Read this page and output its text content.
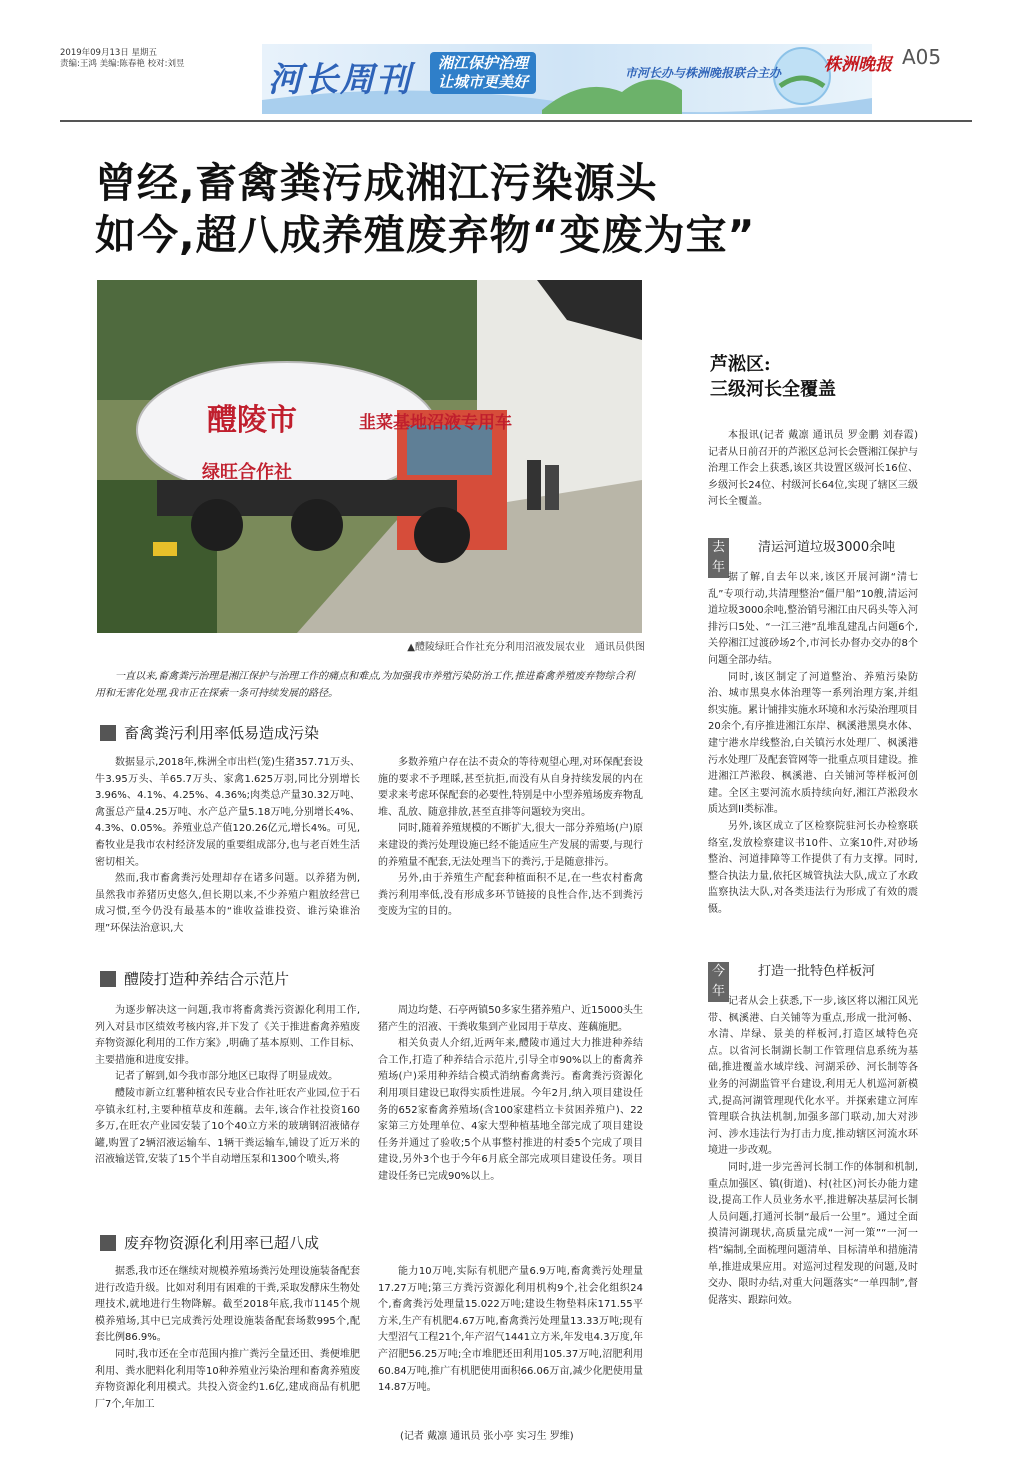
2019年09月13日 星期五
责编:王鸿 美编:陈春艳 校对:刘昱	河长周刊 湘江保护治理
让城市更美好	市河长办与株洲晚报联合主办	株洲晚报 A05
曾经,畜禽粪污成湘江污染源头
如今,超八成养殖废弃物“变废为宝”
醴陵市	韭菜基地沼液专用车
绿旺合作社
▲醴陵绿旺合作社充分利用沼液发展农业　通讯员供图
一直以来,畜禽粪污治理是湘江保护与治理工作的痛点和难点,为加强我市养殖污染防治工作,推进畜禽养殖废弃物综合利用和无害化处理,我市正在探索一条可持续发展的路径。
畜禽粪污利用率低易造成污染

数据显示,2018年,株洲全市出栏(笼)生猪357.71万头、牛3.95万头、羊65.7万头、家禽1.625万羽,同比分别增长3.96%、4.1%、4.25%、4.36%;肉类总产量30.32万吨、禽蛋总产量4.25万吨、水产总产量5.18万吨,分别增长4%、4.3%、0.05%。养殖业总产值120.26亿元,增长4%。可见,畜牧业是我市农村经济发展的重要组成部分,也与老百姓生活密切相关。

然而,我市畜禽粪污处理却存在诸多问题。以养猪为例,虽然我市养猪历史悠久,但长期以来,不少养殖户粗放经营已成习惯,至今仍没有最基本的“谁收益谁投资、谁污染谁治理”环保法治意识,大

多数养殖户存在法不责众的等待观望心理,对环保配套设施的要求不予理睬,甚至抗拒,而没有从自身持续发展的内在要求来考虑环保配套的必要性,特别是中小型养殖场废弃物乱堆、乱放、随意排放,甚至直排等问题较为突出。

同时,随着养殖规模的不断扩大,很大一部分养殖场(户)原来建设的粪污处理设施已经不能适应生产发展的需要,与现行的养殖量不配套,无法处理当下的粪污,于是随意排污。

另外,由于养殖生产配套种植面积不足,在一些农村畜禽粪污利用率低,没有形成多环节链接的良性合作,达不到粪污变废为宝的目的。

醴陵打造种养结合示范片

为逐步解决这一问题,我市将畜禽粪污资源化利用工作,列入对县市区绩效考核内容,并下发了《关于推进畜禽养殖废弃物资源化利用的工作方案》,明确了基本原则、工作目标、主要措施和进度安排。

记者了解到,如今我市部分地区已取得了明显成效。

醴陵市新立红薯种植农民专业合作社旺农产业园,位于石亭镇永红村,主要种植草皮和莲藕。去年,该合作社投资160多万,在旺农产业园安装了10个40立方米的玻璃钢沼液储存罐,购置了2辆沼液运输车、1辆干粪运输车,铺设了近万米的沼液输送管,安装了15个半自动增压泵和1300个喷头,将

周边均楚、石亭两镇50多家生猪养殖户、近15000头生猪产生的沼液、干粪收集到产业园用于草皮、莲藕施肥。

相关负责人介绍,近两年来,醴陵市通过大力推进种养结合工作,打造了种养结合示范片,引导全市90%以上的畜禽养殖场(户)采用种养结合模式消纳畜禽粪污。畜禽粪污资源化利用项目建设已取得实质性进展。今年2月,纳入项目建设任务的652家畜禽养殖场(含100家建档立卡贫困养殖户)、22家第三方处理单位、4家大型种植基地全部完成了项目建设任务并通过了验收;5个从事整村推进的村委5个完成了项目建设,另外3个也于今年6月底全部完成项目建设任务。项目建设任务已完成90%以上。

废弃物资源化利用率已超八成

据悉,我市还在继续对规模养殖场粪污处理设施装备配套进行改造升级。比如对利用有困难的干粪,采取发酵床生物处理技术,就地进行生物降解。截至2018年底,我市1145个规模养殖场,其中已完成粪污处理设施装备配套场数995个,配套比例86.9%。

同时,我市还在全市范围内推广粪污全量还田、粪便堆肥利用、粪水肥料化利用等10种养殖业污染治理和畜禽养殖废弃物资源化利用模式。共投入资金约1.6亿,建成商品有机肥厂7个,年加工

能力10万吨,实际有机肥产量6.9万吨,畜禽粪污处理量17.27万吨;第三方粪污资源化利用机构9个,社会化组织24个,畜禽粪污处理量15.022万吨;建设生物垫料床171.55平方米,生产有机肥4.67万吨,畜禽粪污处理量13.33万吨;现有大型沼气工程21个,年产沼气1441立方米,年发电4.3万度,年产沼肥56.25万吨;全市堆肥还田利用105.37万吨,沼肥利用60.84万吨,推广有机肥使用面积66.06万亩,减少化肥使用量14.87万吨。

(记者 戴凛 通讯员 张小亭 实习生 罗维)
芦淞区:
三级河长全覆盖

本报讯(记者 戴凛 通讯员 罗金鹏 刘春霞)记者从日前召开的芦淞区总河长会暨湘江保护与治理工作会上获悉,该区共设置区级河长16位、乡级河长24位、村级河长64位,实现了辖区三级河长全覆盖。

去年
清运河道垃圾3000余吨

据了解,自去年以来,该区开展河湖“清七乱”专项行动,共清理整治“僵尸船”10艘,清运河道垃圾3000余吨,整治销号湘江由尺码头等入河排污口5处、“一江三港”乱堆乱建乱占问题6个,关停湘江过渡砂场2个,市河长办督办交办的8个问题全部办结。

同时,该区制定了河道整治、养殖污染防治、城市黑臭水体治理等一系列治理方案,并组织实施。累计铺排实施水环境和水污染治理项目20余个,有序推进湘江东岸、枫溪港黑臭水体、建宁港水岸线整治,白关镇污水处理厂、枫溪港污水处理厂及配套管网等一批重点项目建设。推进湘江芦淞段、枫溪港、白关铺河等样板河创建。全区主要河流水质持续向好,湘江芦淞段水质达到II类标准。

另外,该区成立了区检察院驻河长办检察联络室,发放检察建议书10件、立案10件,对砂场整治、河道排障等工作提供了有力支撑。同时,整合执法力量,依托区城管执法大队,成立了水政监察执法大队,对各类违法行为形成了有效的震慑。

今年
打造一批特色样板河

记者从会上获悉,下一步,该区将以湘江风光带、枫溪港、白关铺等为重点,形成一批河畅、水清、岸绿、景美的样板河,打造区域特色亮点。以省河长制湖长制工作管理信息系统为基础,推进覆盖水域岸线、河湖采砂、河长制等各业务的河湖监管平台建设,利用无人机巡河新模式,提高河湖管理现代化水平。并探索建立河库管理联合执法机制,加强多部门联动,加大对涉河、涉水违法行为打击力度,推动辖区河流水环境进一步改观。

同时,进一步完善河长制工作的体制和机制,重点加强区、镇(街道)、村(社区)河长办能力建设,提高工作人员业务水平,推进解决基层河长制人员问题,打通河长制“最后一公里”。通过全面摸清河湖现状,高质量完成“一河一策”“一河一档”编制,全面梳理问题清单、目标清单和措施清单,推进成果应用。对巡河过程发现的问题,及时交办、限时办结,对重大问题落实“一单四制”,督促落实、跟踪问效。
